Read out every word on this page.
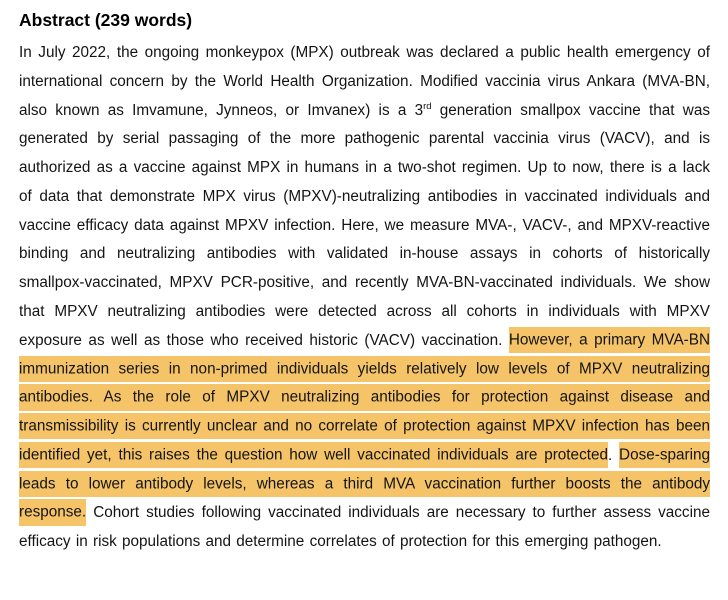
Abstract (239 words)

In July 2022, the ongoing monkeypox (MPX) outbreak was declared a public health emergency of international concern by the World Health Organization. Modified vaccinia virus Ankara (MVA-BN, also known as Imvamune, Jynneos, or Imvanex) is a 3rd generation smallpox vaccine that was generated by serial passaging of the more pathogenic parental vaccinia virus (VACV), and is authorized as a vaccine against MPX in humans in a two-shot regimen. Up to now, there is a lack of data that demonstrate MPX virus (MPXV)-neutralizing antibodies in vaccinated individuals and vaccine efficacy data against MPXV infection. Here, we measure MVA-, VACV-, and MPXV-reactive binding and neutralizing antibodies with validated in-house assays in cohorts of historically smallpox-vaccinated, MPXV PCR-positive, and recently MVA-BN-vaccinated individuals. We show that MPXV neutralizing antibodies were detected across all cohorts in individuals with MPXV exposure as well as those who received historic (VACV) vaccination. However, a primary MVA-BN immunization series in non-primed individuals yields relatively low levels of MPXV neutralizing antibodies. As the role of MPXV neutralizing antibodies for protection against disease and transmissibility is currently unclear and no correlate of protection against MPXV infection has been identified yet, this raises the question how well vaccinated individuals are protected. Dose-sparing leads to lower antibody levels, whereas a third MVA vaccination further boosts the antibody response. Cohort studies following vaccinated individuals are necessary to further assess vaccine efficacy in risk populations and determine correlates of protection for this emerging pathogen.
